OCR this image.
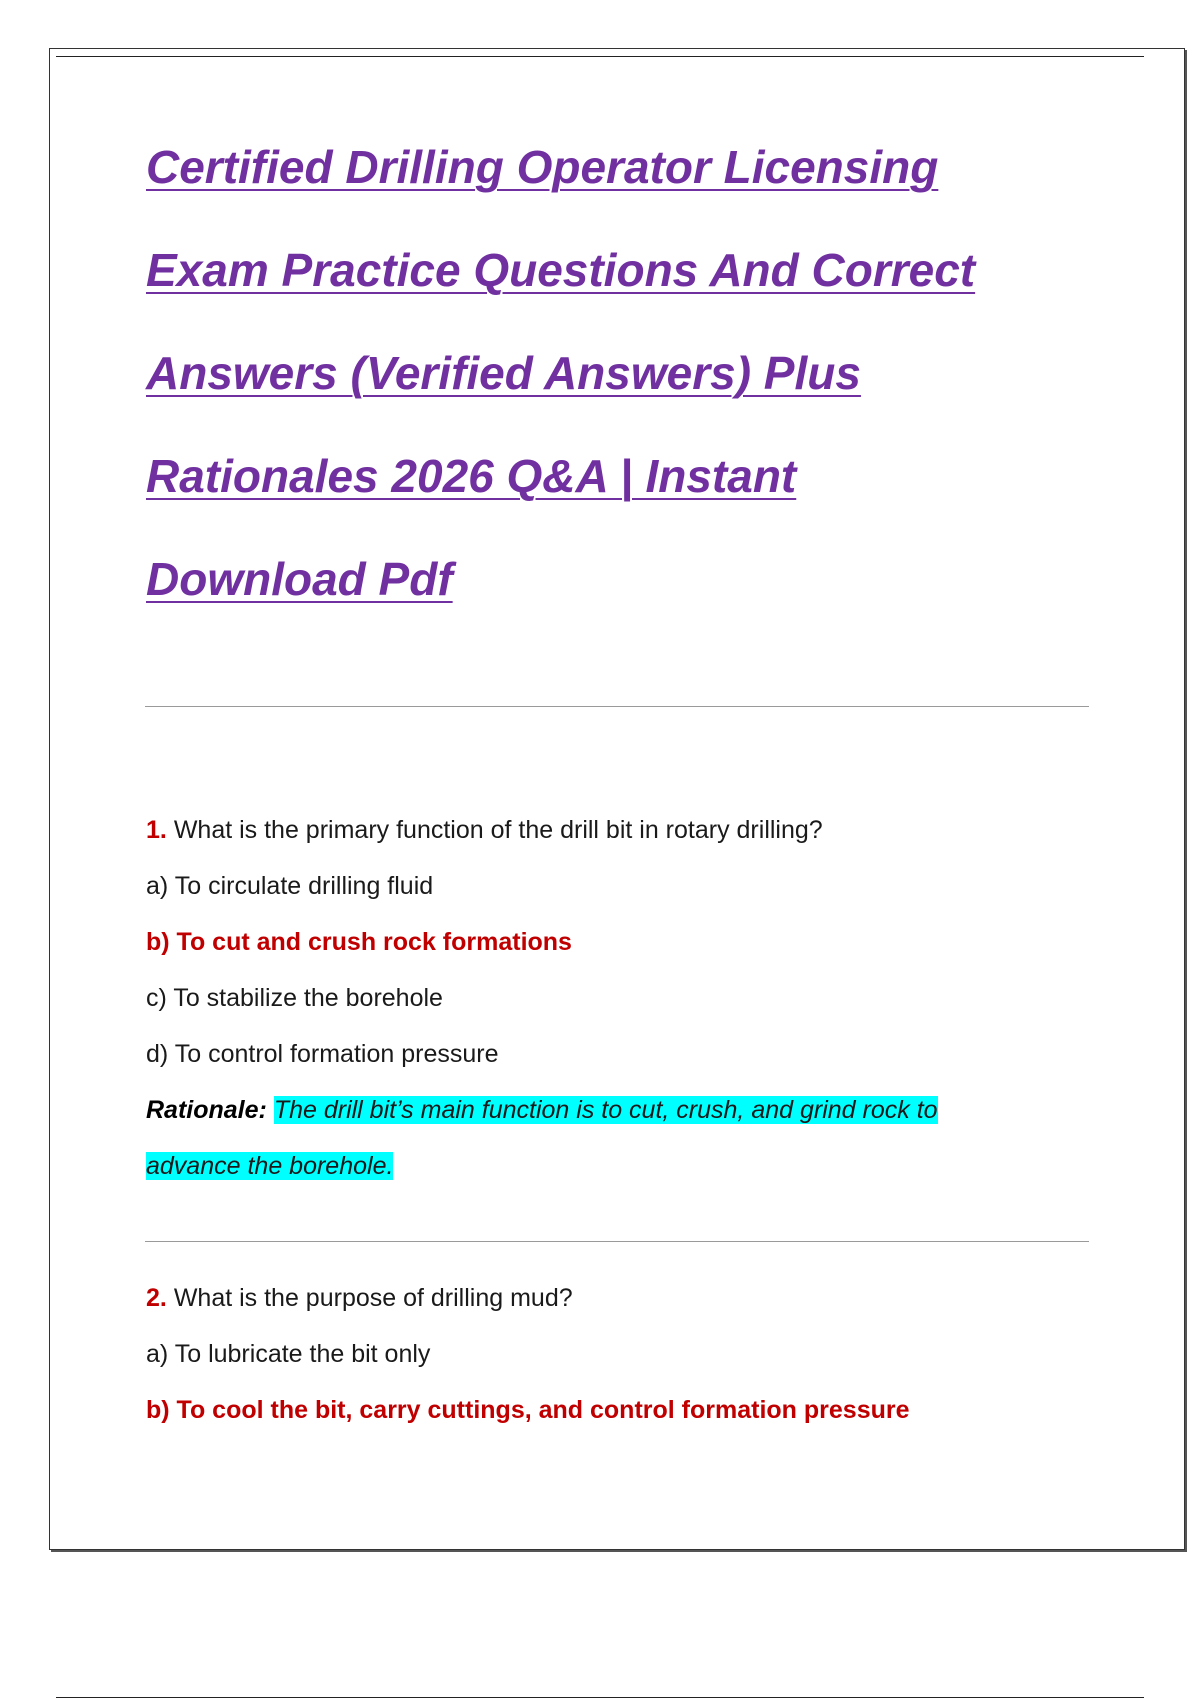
Certified Drilling Operator Licensing
Exam Practice Questions And Correct
Answers (Verified Answers) Plus
Rationales 2026 Q&A | Instant
Download Pdf
1. What is the primary function of the drill bit in rotary drilling?
a) To circulate drilling fluid
b) To cut and crush rock formations
c) To stabilize the borehole
d) To control formation pressure
Rationale: The drill bit’s main function is to cut, crush, and grind rock to
advance the borehole.
2. What is the purpose of drilling mud?
a) To lubricate the bit only
b) To cool the bit, carry cuttings, and control formation pressure
